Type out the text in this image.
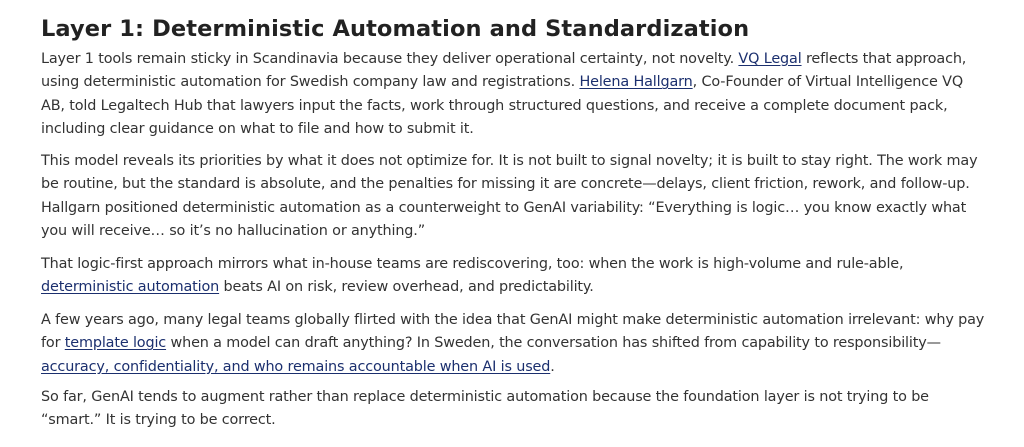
Layer 1: Deterministic Automation and Standardization

Layer 1 tools remain sticky in Scandinavia because they deliver operational certainty, not novelty. VQ Legal reflects that approach, using deterministic automation for Swedish company law and registrations. Helena Hallgarn, Co-Founder of Virtual Intelligence VQ AB, told Legaltech Hub that lawyers input the facts, work through structured questions, and receive a complete document pack, including clear guidance on what to file and how to submit it.

This model reveals its priorities by what it does not optimize for. It is not built to signal novelty; it is built to stay right. The work may be routine, but the standard is absolute, and the penalties for missing it are concrete—delays, client friction, rework, and follow-up. Hallgarn positioned deterministic automation as a counterweight to GenAI variability: “Everything is logic… you know exactly what you will receive… so it’s no hallucination or anything.”

That logic-first approach mirrors what in-house teams are rediscovering, too: when the work is high-volume and rule-able, deterministic automation beats AI on risk, review overhead, and predictability.

A few years ago, many legal teams globally flirted with the idea that GenAI might make deterministic automation irrelevant: why pay for template logic when a model can draft anything? In Sweden, the conversation has shifted from capability to responsibility— accuracy, confidentiality, and who remains accountable when AI is used.

So far, GenAI tends to augment rather than replace deterministic automation because the foundation layer is not trying to be “smart.” It is trying to be correct.
